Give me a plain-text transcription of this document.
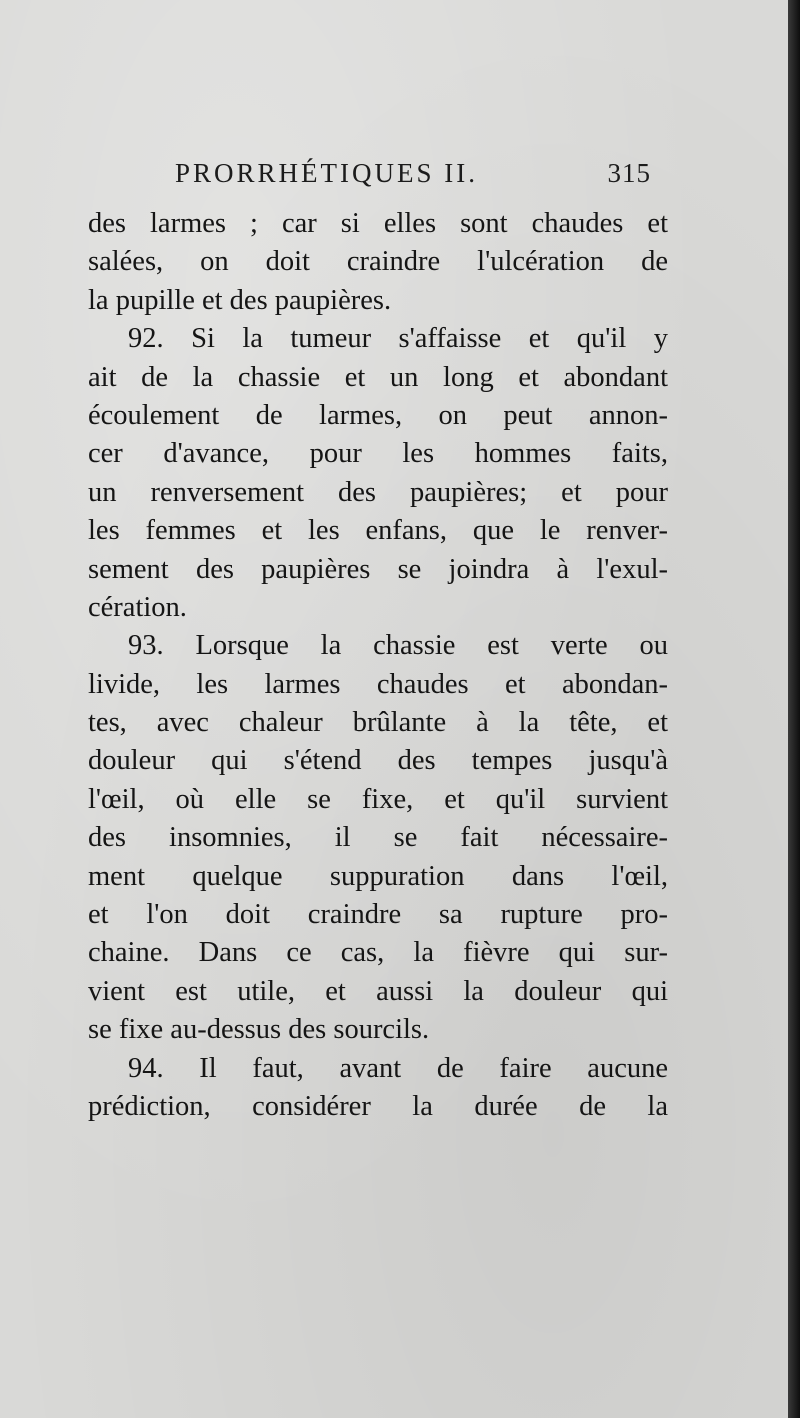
PRORRHÉTIQUES II.	315
des larmes ; car si elles sont chaudes et
salées, on doit craindre l'ulcération de
la pupille et des paupières.
92. Si la tumeur s'affaisse et qu'il y
ait de la chassie et un long et abondant
écoulement de larmes, on peut annon-
cer d'avance, pour les hommes faits,
un renversement des paupières; et pour
les femmes et les enfans, que le renver-
sement des paupières se joindra à l'exul-
cération.
93. Lorsque la chassie est verte ou
livide, les larmes chaudes et abondan-
tes, avec chaleur brûlante à la tête, et
douleur qui s'étend des tempes jusqu'à
l'œil, où elle se fixe, et qu'il survient
des insomnies, il se fait nécessaire-
ment quelque suppuration dans l'œil,
et l'on doit craindre sa rupture pro-
chaine. Dans ce cas, la fièvre qui sur-
vient est utile, et aussi la douleur qui
se fixe au-dessus des sourcils.
94. Il faut, avant de faire aucune
prédiction, considérer la durée de la
